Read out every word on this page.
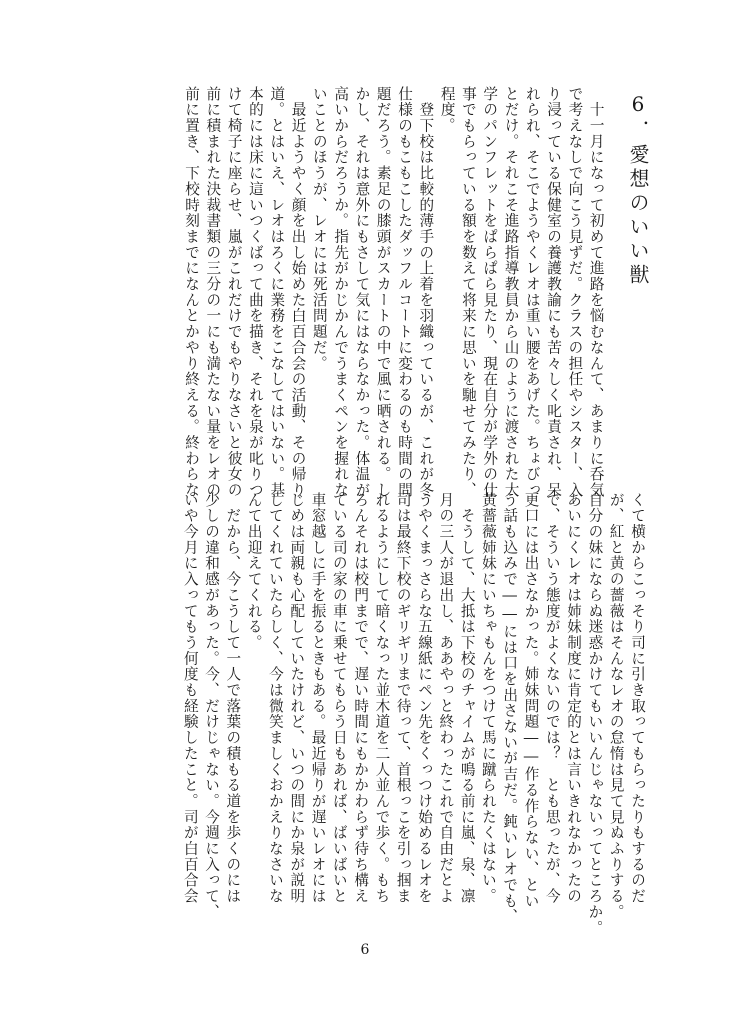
6．愛想のいい獣
　十一月になって初めて進路を悩むなんて、あまりに呑気
で考えなしで向こう見ずだ。クラスの担任やシスター、入
り浸っている保健室の養護教諭にも苦々しく叱責され、呆
れられ、そこでようやくレオは重い腰をあげた。ちょびっ
とだけ。それこそ進路指導教員から山のように渡された大
学のパンフレットをぱらぱら見たり、現在自分が学外の仕
事でもらっている額を数えて将来に思いを馳せてみたり、
程度。
　登下校は比較的薄手の上着を羽織っているが、これが冬
仕様のもこもこしたダッフルコートに変わるのも時間の問
題だろう。素足の膝頭がスカートの中で風に晒される。し
かし、それは意外にもさして気にはならなかった。体温が
高いからだろうか。指先がかじかんでうまくペンを握れな
いことのほうが、レオには死活問題だ。
　最近ようやく顔を出し始めた白百合会の活動、その帰り
道。とはいえ、レオはろくに業務をこなしてはいない。基
本的には床に這いつくばって曲を描き、それを泉が叱りつ
けて椅子に座らせ、嵐がこれだけでもやりなさいと彼女の
前に積まれた決裁書類の三分の一にも満たない量をレオの
前に置き、下校時刻までになんとかやり終える。終わらな
くて横からこっそり司に引き取ってもらったりもするのだ
が、紅と黄の薔薇はそんなレオの怠惰は見て見ぬふりする。
自分の妹にならぬ迷惑かけてもいいんじゃないってところか。
あいにくレオは姉妹制度に肯定的とは言いきれなかったの
で、そういう態度がよくないのでは？　とも思ったが、今
更口には出さなかった。姉妹問題――作る作らない、とい
う話も込みで――には口を出さないが吉だ。鈍いレオでも、
黄薔薇姉妹にいちゃもんをつけて馬に蹴られたくはない。
　そうして、大抵は下校のチャイムが鳴る前に嵐、泉、凛
月の三人が退出し、ああやっと終わったこれで自由だとよ
うやくまっさらな五線紙にペン先をくっつけ始めるレオを
司は最終下校のギリギリまで待って、首根っこを引っ掴ま
れるようにして暗くなった並木道を二人並んで歩く。もち
ろんそれは校門までで、遅い時間にもかかわらず待ち構え
ている司の家の車に乗せてもらう日もあれば、ばいばいと
車窓越しに手を振るときもある。最近帰りが遅いレオには
じめは両親も心配していたけれど、いつの間にか泉が説明
してくれていたらしく、今は微笑ましくおかえりなさいな
んて出迎えてくれる。
　だから、今こうして一人で落葉の積もる道を歩くのには
少しの違和感があった。今、だけじゃない。今週に入って、
いや今月に入ってもう何度も経験したこと。司が白百合会
6
